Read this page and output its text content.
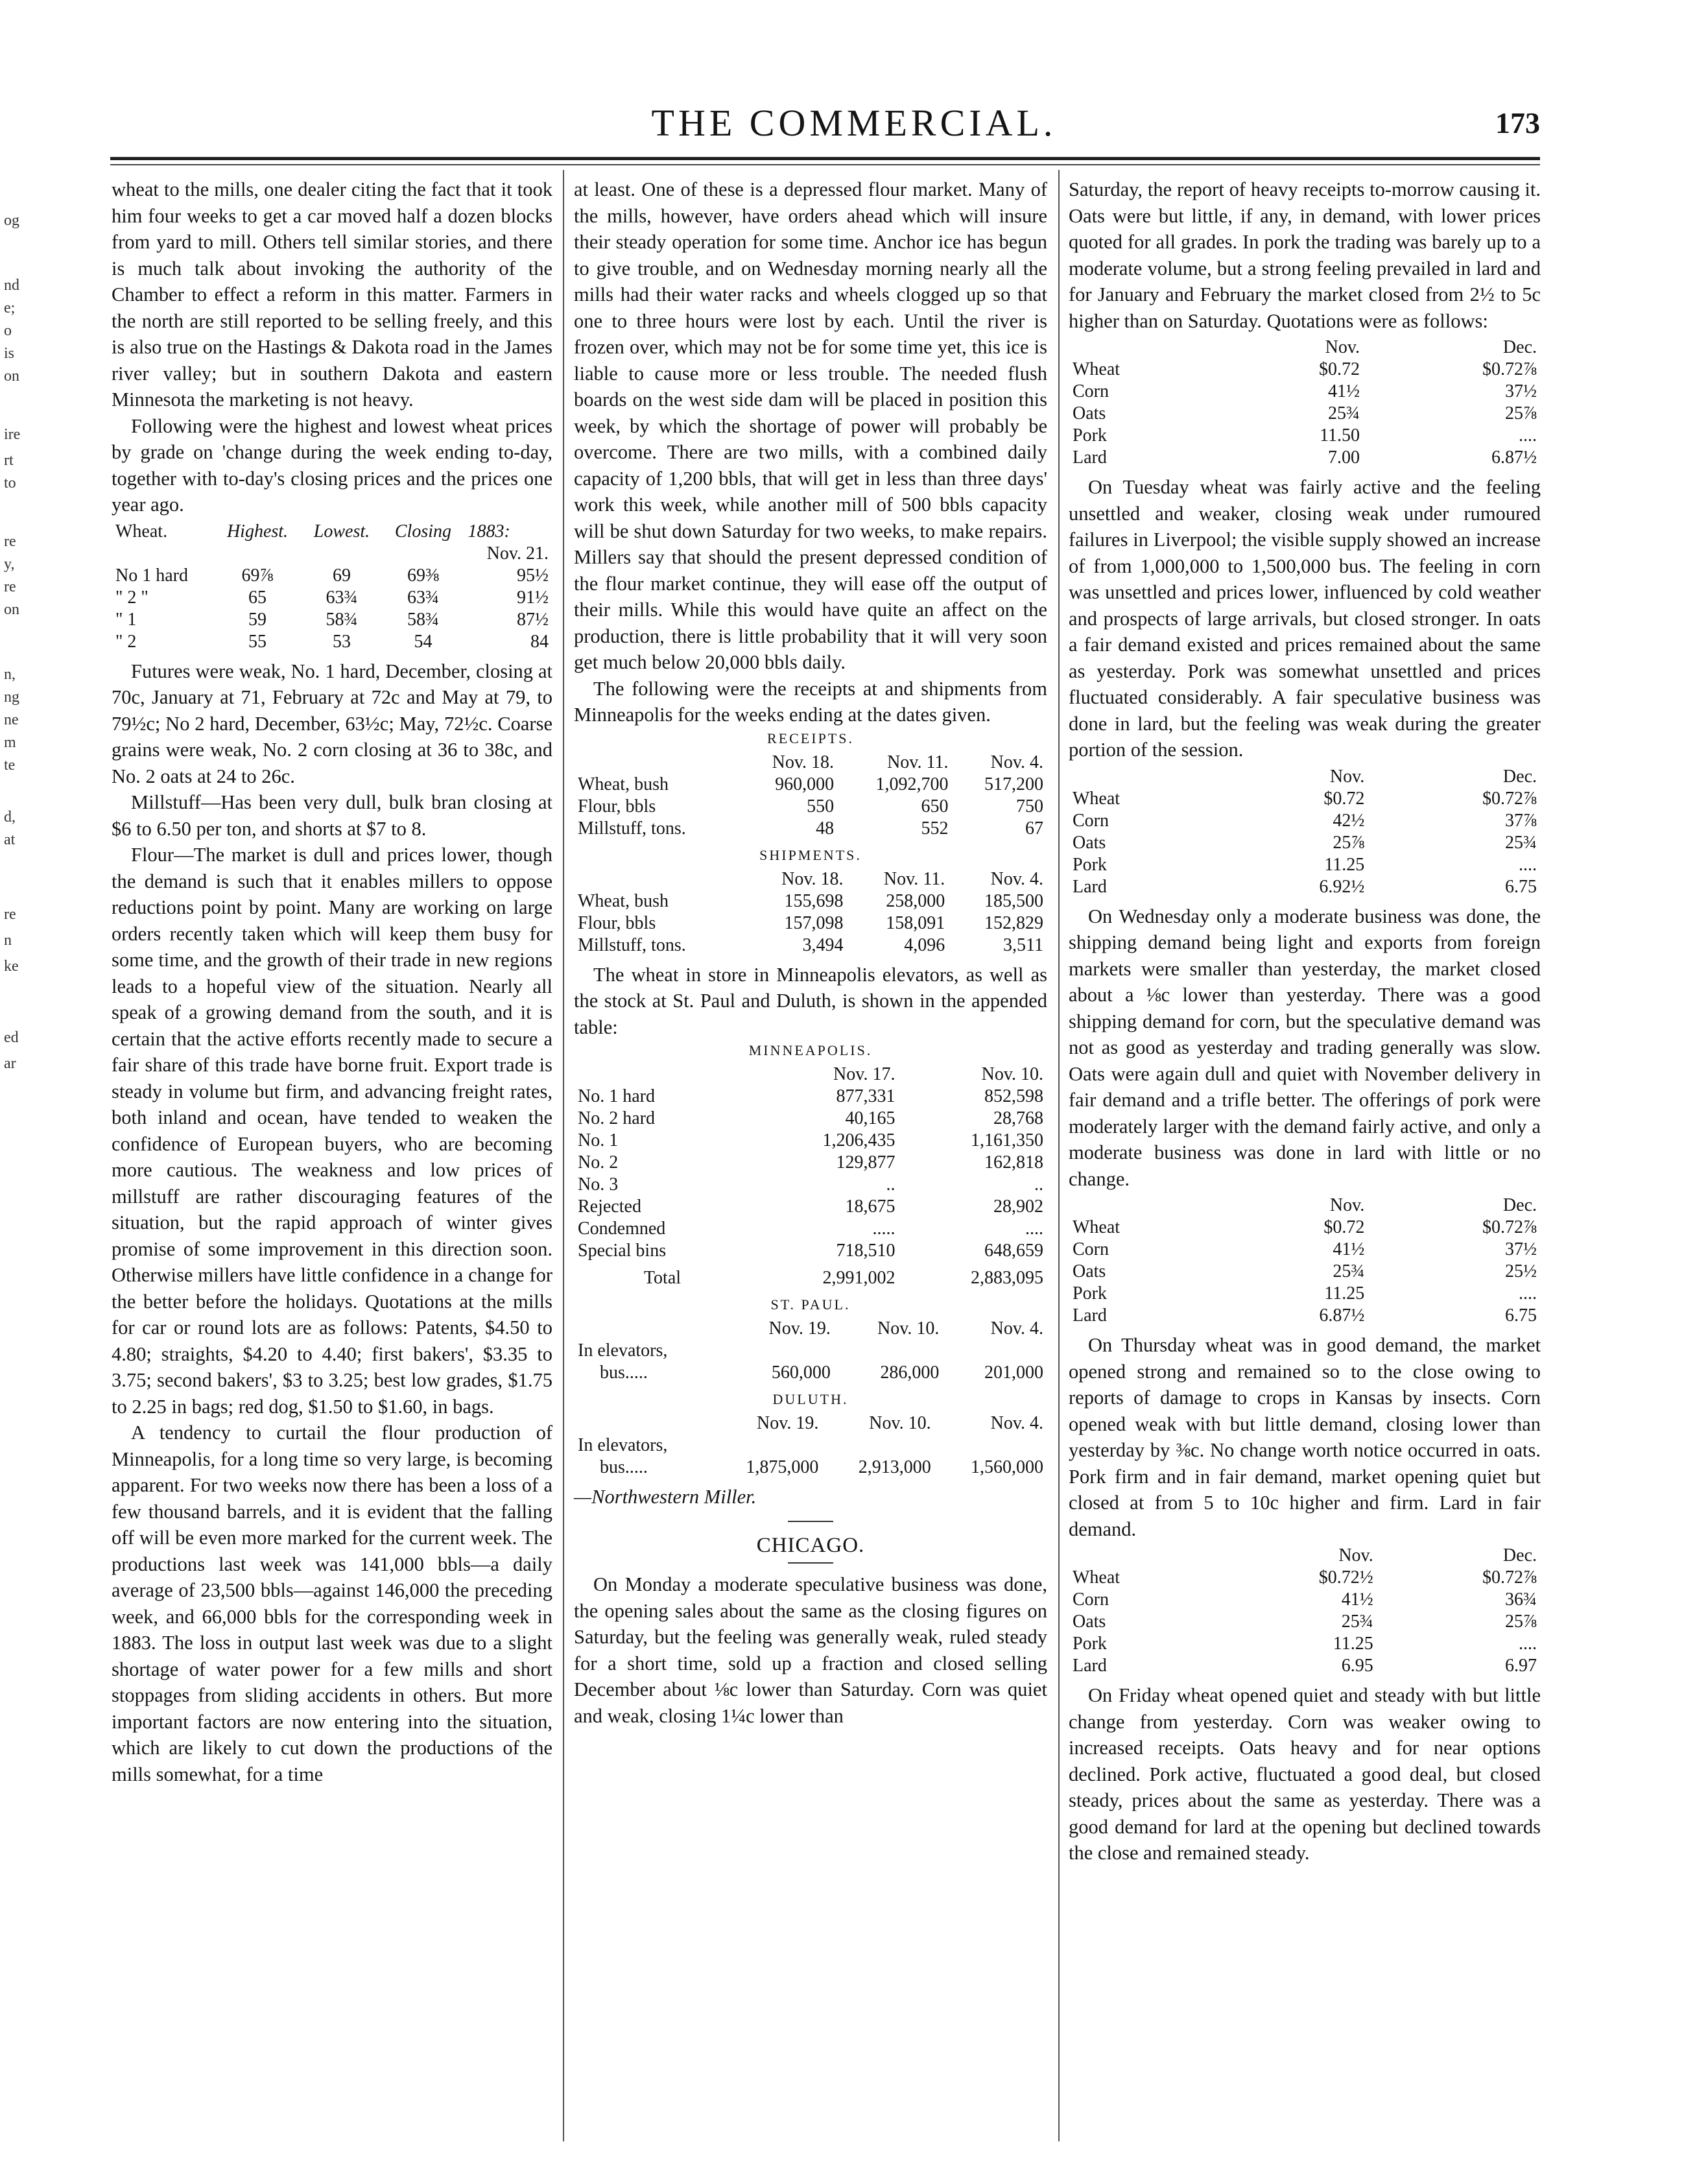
THE COMMERCIAL.	173
og
nd
e;
o
is
on
ire
rt
to
re
y,
re
on
n,
ng
ne
m
te
d,
at
re
n
ke
ed
ar

wheat to the mills, one dealer citing the fact that it took him four weeks to get a car moved half a dozen blocks from yard to mill. Others tell similar stories, and there is much talk about invoking the authority of the Chamber to effect a reform in this matter. Farmers in the north are still reported to be selling freely, and this is also true on the Hastings & Dakota road in the James river valley; but in southern Dakota and eastern Minnesota the marketing is not heavy.

Following were the highest and lowest wheat prices by grade on 'change during the week ending to-day, together with to-day's closing prices and the prices one year ago.

Wheat.	Highest.	Lowest.	Closing	1883:
				Nov. 21.
No 1 hard	69⅞	69	69⅜	95½
" 2 "	65	63¾	63¾	91½
" 1	59	58¾	58¾	87½
" 2	55	53	54	84

Futures were weak, No. 1 hard, December, closing at 70c, January at 71, February at 72c and May at 79, to 79½c; No 2 hard, December, 63½c; May, 72½c. Coarse grains were weak, No. 2 corn closing at 36 to 38c, and No. 2 oats at 24 to 26c.

Millstuff—Has been very dull, bulk bran closing at $6 to 6.50 per ton, and shorts at $7 to 8.

Flour—The market is dull and prices lower, though the demand is such that it enables millers to oppose reductions point by point. Many are working on large orders recently taken which will keep them busy for some time, and the growth of their trade in new regions leads to a hopeful view of the situation. Nearly all speak of a growing demand from the south, and it is certain that the active efforts recently made to secure a fair share of this trade have borne fruit. Export trade is steady in volume but firm, and advancing freight rates, both inland and ocean, have tended to weaken the confidence of European buyers, who are becoming more cautious. The weakness and low prices of millstuff are rather discouraging features of the situation, but the rapid approach of winter gives promise of some improvement in this direction soon. Otherwise millers have little confidence in a change for the better before the holidays. Quotations at the mills for car or round lots are as follows: Patents, $4.50 to 4.80; straights, $4.20 to 4.40; first bakers', $3.35 to 3.75; second bakers', $3 to 3.25; best low grades, $1.75 to 2.25 in bags; red dog, $1.50 to $1.60, in bags.

A tendency to curtail the flour production of Minneapolis, for a long time so very large, is becoming apparent. For two weeks now there has been a loss of a few thousand barrels, and it is evident that the falling off will be even more marked for the current week. The productions last week was 141,000 bbls—a daily average of 23,500 bbls—against 146,000 the preceding week, and 66,000 bbls for the corresponding week in 1883. The loss in output last week was due to a slight shortage of water power for a few mills and short stoppages from sliding accidents in others. But more important factors are now entering into the situation, which are likely to cut down the productions of the mills somewhat, for a time

at least. One of these is a depressed flour market. Many of the mills, however, have orders ahead which will insure their steady operation for some time. Anchor ice has begun to give trouble, and on Wednesday morning nearly all the mills had their water racks and wheels clogged up so that one to three hours were lost by each. Until the river is frozen over, which may not be for some time yet, this ice is liable to cause more or less trouble. The needed flush boards on the west side dam will be placed in position this week, by which the shortage of power will probably be overcome. There are two mills, with a combined daily capacity of 1,200 bbls, that will get in less than three days' work this week, while another mill of 500 bbls capacity will be shut down Saturday for two weeks, to make repairs. Millers say that should the present depressed condition of the flour market continue, they will ease off the output of their mills. While this would have quite an affect on the production, there is little probability that it will very soon get much below 20,000 bbls daily.

The following were the receipts at and shipments from Minneapolis for the weeks ending at the dates given.

RECEIPTS.
	Nov. 18.	Nov. 11.	Nov. 4.
Wheat, bush	960,000	1,092,700	517,200
Flour, bbls	550	650	750
Millstuff, tons.	48	552	67
SHIPMENTS.
	Nov. 18.	Nov. 11.	Nov. 4.
Wheat, bush	155,698	258,000	185,500
Flour, bbls	157,098	158,091	152,829
Millstuff, tons.	3,494	4,096	3,511

The wheat in store in Minneapolis elevators, as well as the stock at St. Paul and Duluth, is shown in the appended table:

MINNEAPOLIS.
	Nov. 17.	Nov. 10.
No. 1 hard	877,331	852,598
No. 2 hard	40,165	28,768
No. 1	1,206,435	1,161,350
No. 2	129,877	162,818
No. 3	..	..
Rejected	18,675	28,902
Condemned	.....	....
Special bins	718,510	648,659
Total	2,991,002	2,883,095
ST. PAUL.
	Nov. 19.	Nov. 10.	Nov. 4.
In elevators,			
bus.....	560,000	286,000	201,000
DULUTH.
	Nov. 19.	Nov. 10.	Nov. 4.
In elevators,			
bus.....	1,875,000	2,913,000	1,560,000

—Northwestern Miller.

CHICAGO.

On Monday a moderate speculative business was done, the opening sales about the same as the closing figures on Saturday, but the feeling was generally weak, ruled steady for a short time, sold up a fraction and closed selling December about ⅛c lower than Saturday. Corn was quiet and weak, closing 1¼c lower than

Saturday, the report of heavy receipts to-morrow causing it. Oats were but little, if any, in demand, with lower prices quoted for all grades. In pork the trading was barely up to a moderate volume, but a strong feeling prevailed in lard and for January and February the market closed from 2½ to 5c higher than on Saturday. Quotations were as follows:

	Nov.	Dec.
Wheat	$0.72	$0.72⅞
Corn	41½	37½
Oats	25¾	25⅞
Pork	11.50	....
Lard	7.00	6.87½

On Tuesday wheat was fairly active and the feeling unsettled and weaker, closing weak under rumoured failures in Liverpool; the visible supply showed an increase of from 1,000,000 to 1,500,000 bus. The feeling in corn was unsettled and prices lower, influenced by cold weather and prospects of large arrivals, but closed stronger. In oats a fair demand existed and prices remained about the same as yesterday. Pork was somewhat unsettled and prices fluctuated considerably. A fair speculative business was done in lard, but the feeling was weak during the greater portion of the session.

	Nov.	Dec.
Wheat	$0.72	$0.72⅞
Corn	42½	37⅞
Oats	25⅞	25¾
Pork	11.25	....
Lard	6.92½	6.75

On Wednesday only a moderate business was done, the shipping demand being light and exports from foreign markets were smaller than yesterday, the market closed about a ⅛c lower than yesterday. There was a good shipping demand for corn, but the speculative demand was not as good as yesterday and trading generally was slow. Oats were again dull and quiet with November delivery in fair demand and a trifle better. The offerings of pork were moderately larger with the demand fairly active, and only a moderate business was done in lard with little or no change.

	Nov.	Dec.
Wheat	$0.72	$0.72⅞
Corn	41½	37½
Oats	25¾	25½
Pork	11.25	....
Lard	6.87½	6.75

On Thursday wheat was in good demand, the market opened strong and remained so to the close owing to reports of damage to crops in Kansas by insects. Corn opened weak with but little demand, closing lower than yesterday by ⅜c. No change worth notice occurred in oats. Pork firm and in fair demand, market opening quiet but closed at from 5 to 10c higher and firm. Lard in fair demand.

	Nov.	Dec.
Wheat	$0.72½	$0.72⅞
Corn	41½	36¾
Oats	25¾	25⅞
Pork	11.25	....
Lard	6.95	6.97

On Friday wheat opened quiet and steady with but little change from yesterday. Corn was weaker owing to increased receipts. Oats heavy and for near options declined. Pork active, fluctuated a good deal, but closed steady, prices about the same as yesterday. There was a good demand for lard at the opening but declined towards the close and remained steady.
